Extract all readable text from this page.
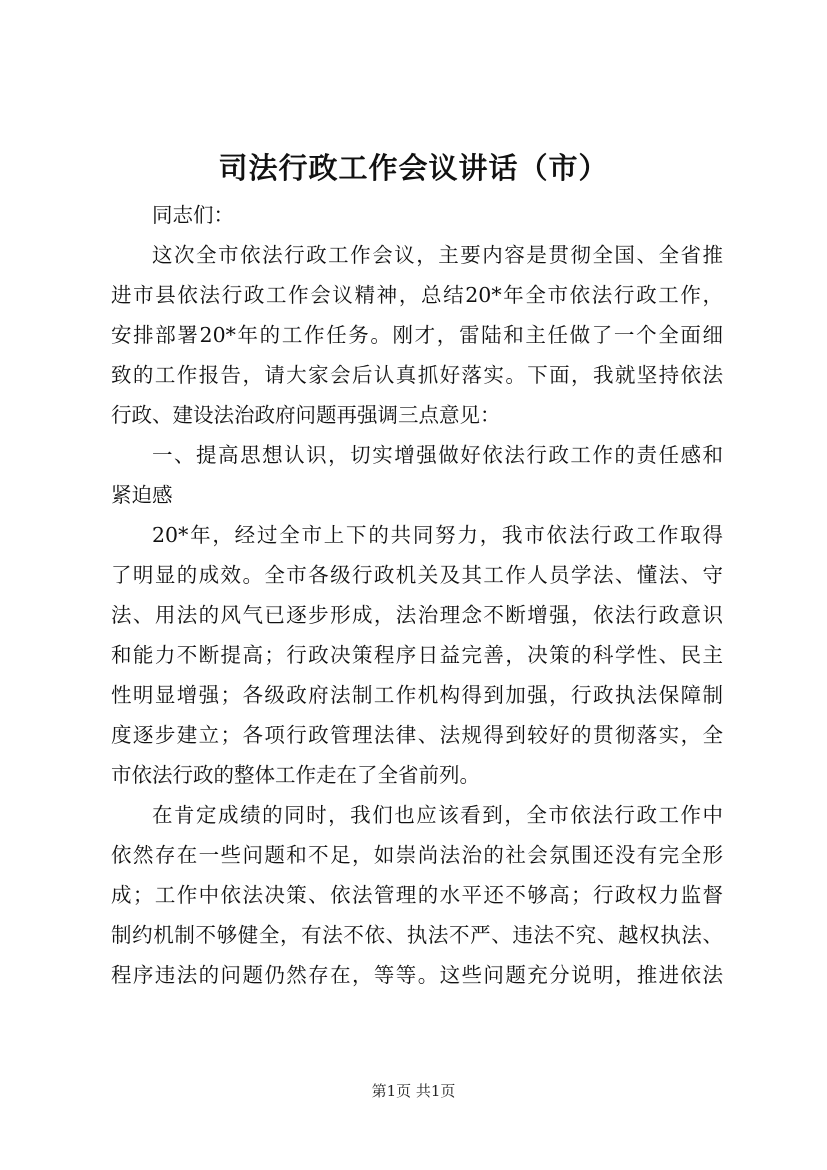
司法行政工作会议讲话（市）
同志们：
这次全市依法行政工作会议，主要内容是贯彻全国、全省推
进市县依法行政工作会议精神，总结20*年全市依法行政工作，
安排部署20*年的工作任务。刚才，雷陆和主任做了一个全面细
致的工作报告，请大家会后认真抓好落实。下面，我就坚持依法
行政、建设法治政府问题再强调三点意见：
一、提高思想认识，切实增强做好依法行政工作的责任感和
紧迫感
20*年，经过全市上下的共同努力，我市依法行政工作取得
了明显的成效。全市各级行政机关及其工作人员学法、懂法、守
法、用法的风气已逐步形成，法治理念不断增强，依法行政意识
和能力不断提高；行政决策程序日益完善，决策的科学性、民主
性明显增强；各级政府法制工作机构得到加强，行政执法保障制
度逐步建立；各项行政管理法律、法规得到较好的贯彻落实，全
市依法行政的整体工作走在了全省前列。
在肯定成绩的同时，我们也应该看到，全市依法行政工作中
依然存在一些问题和不足，如崇尚法治的社会氛围还没有完全形
成；工作中依法决策、依法管理的水平还不够高；行政权力监督
制约机制不够健全，有法不依、执法不严、违法不究、越权执法、
程序违法的问题仍然存在，等等。这些问题充分说明，推进依法
第1页 共1页
